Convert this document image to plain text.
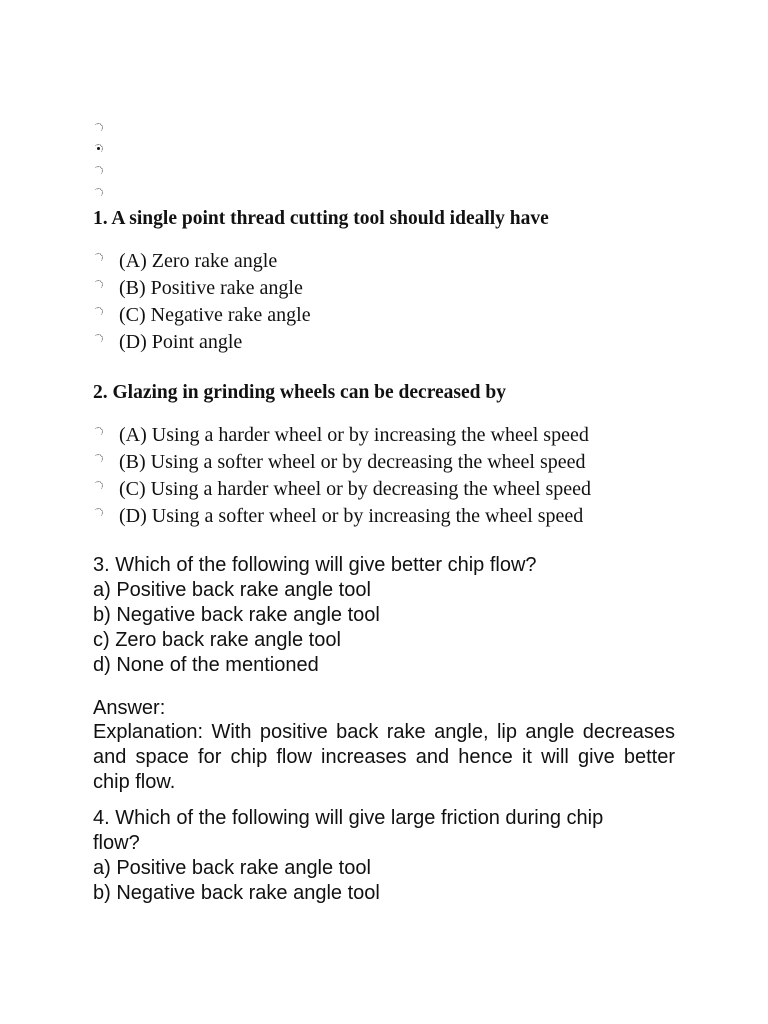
1. A single point thread cutting tool should ideally have
(A) Zero rake angle
(B) Positive rake angle
(C) Negative rake angle
(D) Point angle
2. Glazing in grinding wheels can be decreased by
(A) Using a harder wheel or by increasing the wheel speed
(B) Using a softer wheel or by decreasing the wheel speed
(C) Using a harder wheel or by decreasing the wheel speed
(D) Using a softer wheel or by increasing the wheel speed
3. Which of the following will give better chip flow?
a) Positive back rake angle tool
b) Negative back rake angle tool
c) Zero back rake angle tool
d) None of the mentioned
Answer:
Explanation: With positive back rake angle, lip angle decreases and space for chip flow increases and hence it will give better chip flow.
4. Which of the following will give large friction during chip flow?
a) Positive back rake angle tool
b) Negative back rake angle tool
